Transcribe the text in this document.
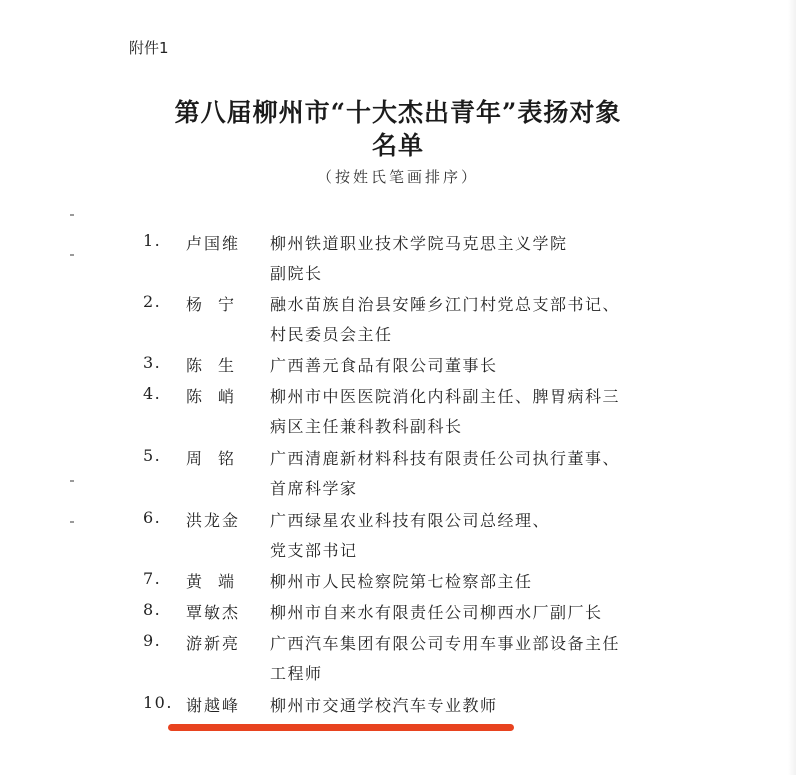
附件1
第八届柳州市“十大杰出青年”表扬对象
名单
（按姓氏笔画排序）
1. 卢国维 柳州铁道职业技术学院马克思主义学院
副院长
2. 杨宁 融水苗族自治县安陲乡江门村党总支部书记、
村民委员会主任
3. 陈生 广西善元食品有限公司董事长
4. 陈峭 柳州市中医医院消化内科副主任、脾胃病科三
病区主任兼科教科副科长
5. 周铭 广西清鹿新材料科技有限责任公司执行董事、
首席科学家
6. 洪龙金 广西绿星农业科技有限公司总经理、
党支部书记
7. 黄端 柳州市人民检察院第七检察部主任
8. 覃敏杰 柳州市自来水有限责任公司柳西水厂副厂长
9. 游新亮 广西汽车集团有限公司专用车事业部设备主任
工程师
10. 谢越峰 柳州市交通学校汽车专业教师
